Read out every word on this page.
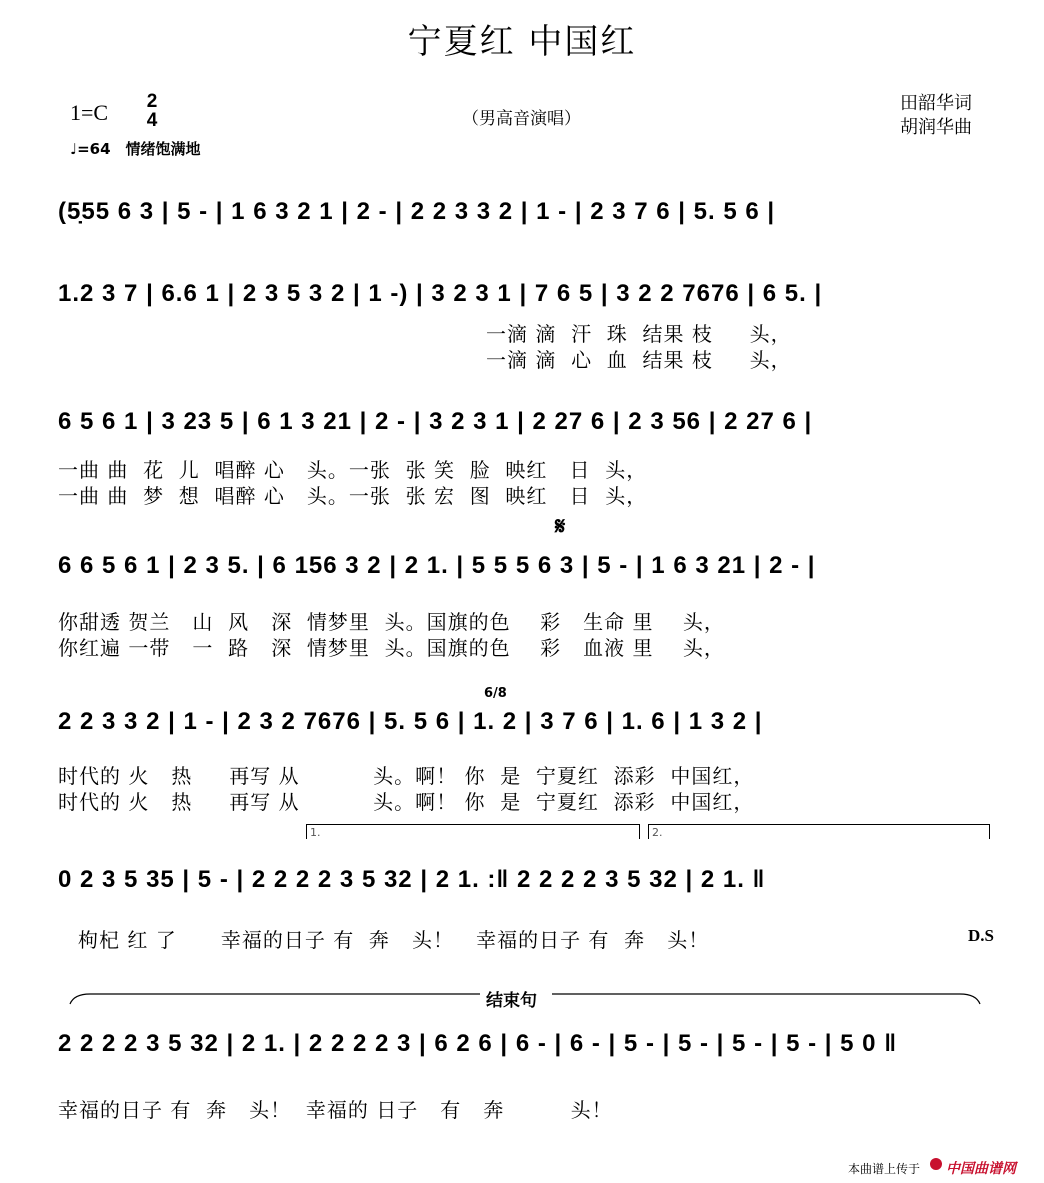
宁夏红 中国红
1=C 2
4
♩=64　情绪饱满地
（男高音演唱）
田韶华词
胡润华曲
(5̣55 6 3 | 5 - | 1 6 3 2 1 | 2 - | 2 2 3 3 2 | 1 - | 2 3 7 6 | 5. 5 6 |
1.2 3 7 | 6.6 1 | 2 3 5 3 2 | 1 -) | 3 2 3 1 | 7 6 5 | 3 2 2 7676 | 6 5. |
一滴 滴  汗  珠  结果 枝     头，
一滴 滴  心  血  结果 枝     头，
6 5 6 1 | 3 23 5 | 6 1 3 21 | 2 - | 3 2 3 1 | 2 27 6 | 2 3 56 | 2 27 6 |
一曲 曲  花  儿  唱醉 心   头。一张  张 笑  脸  映红   日  头，
一曲 曲  梦  想  唱醉 心   头。一张  张 宏  图  映红   日  头，
𝄋
6 6 5 6 1 | 2 3 5. | 6 156 3 2 | 2 1. | 5 5 5 6 3 | 5 - | 1 6 3 21 | 2 - |
你甜透 贺兰   山  风   深  情梦里  头。国旗的色    彩   生命 里    头，
你红遍 一带   一  路   深  情梦里  头。国旗的色    彩   血液 里    头，
2 2 3 3 2 | 1 - | 2 3 2 7676 | 5. 5 6 | 1. 2 | 3 7 6 | 1. 6 | 1 3 2 |
6/8
时代的 火   热     再写 从          头。啊！ 你  是  宁夏红  添彩  中国红，
时代的 火   热     再写 从          头。啊！ 你  是  宁夏红  添彩  中国红，
1.	2.
0 2 3 5 35 | 5 - | 2 2 2 2 3 5 32 | 2 1. :‖ 2 2 2 2 3 5 32 | 2 1. ‖
枸杞 红 了      幸福的日子 有  奔   头！   幸福的日子 有  奔   头！	D.S
结束句
2 2 2 2 3 5 32 | 2 1. | 2 2 2 2 3 | 6 2 6 | 6 - | 6 - | 5 - | 5 - | 5 - | 5 - | 5 0 ‖
幸福的日子 有  奔   头！  幸福的 日子   有   奔         头！
本曲谱上传于 中国曲谱网
